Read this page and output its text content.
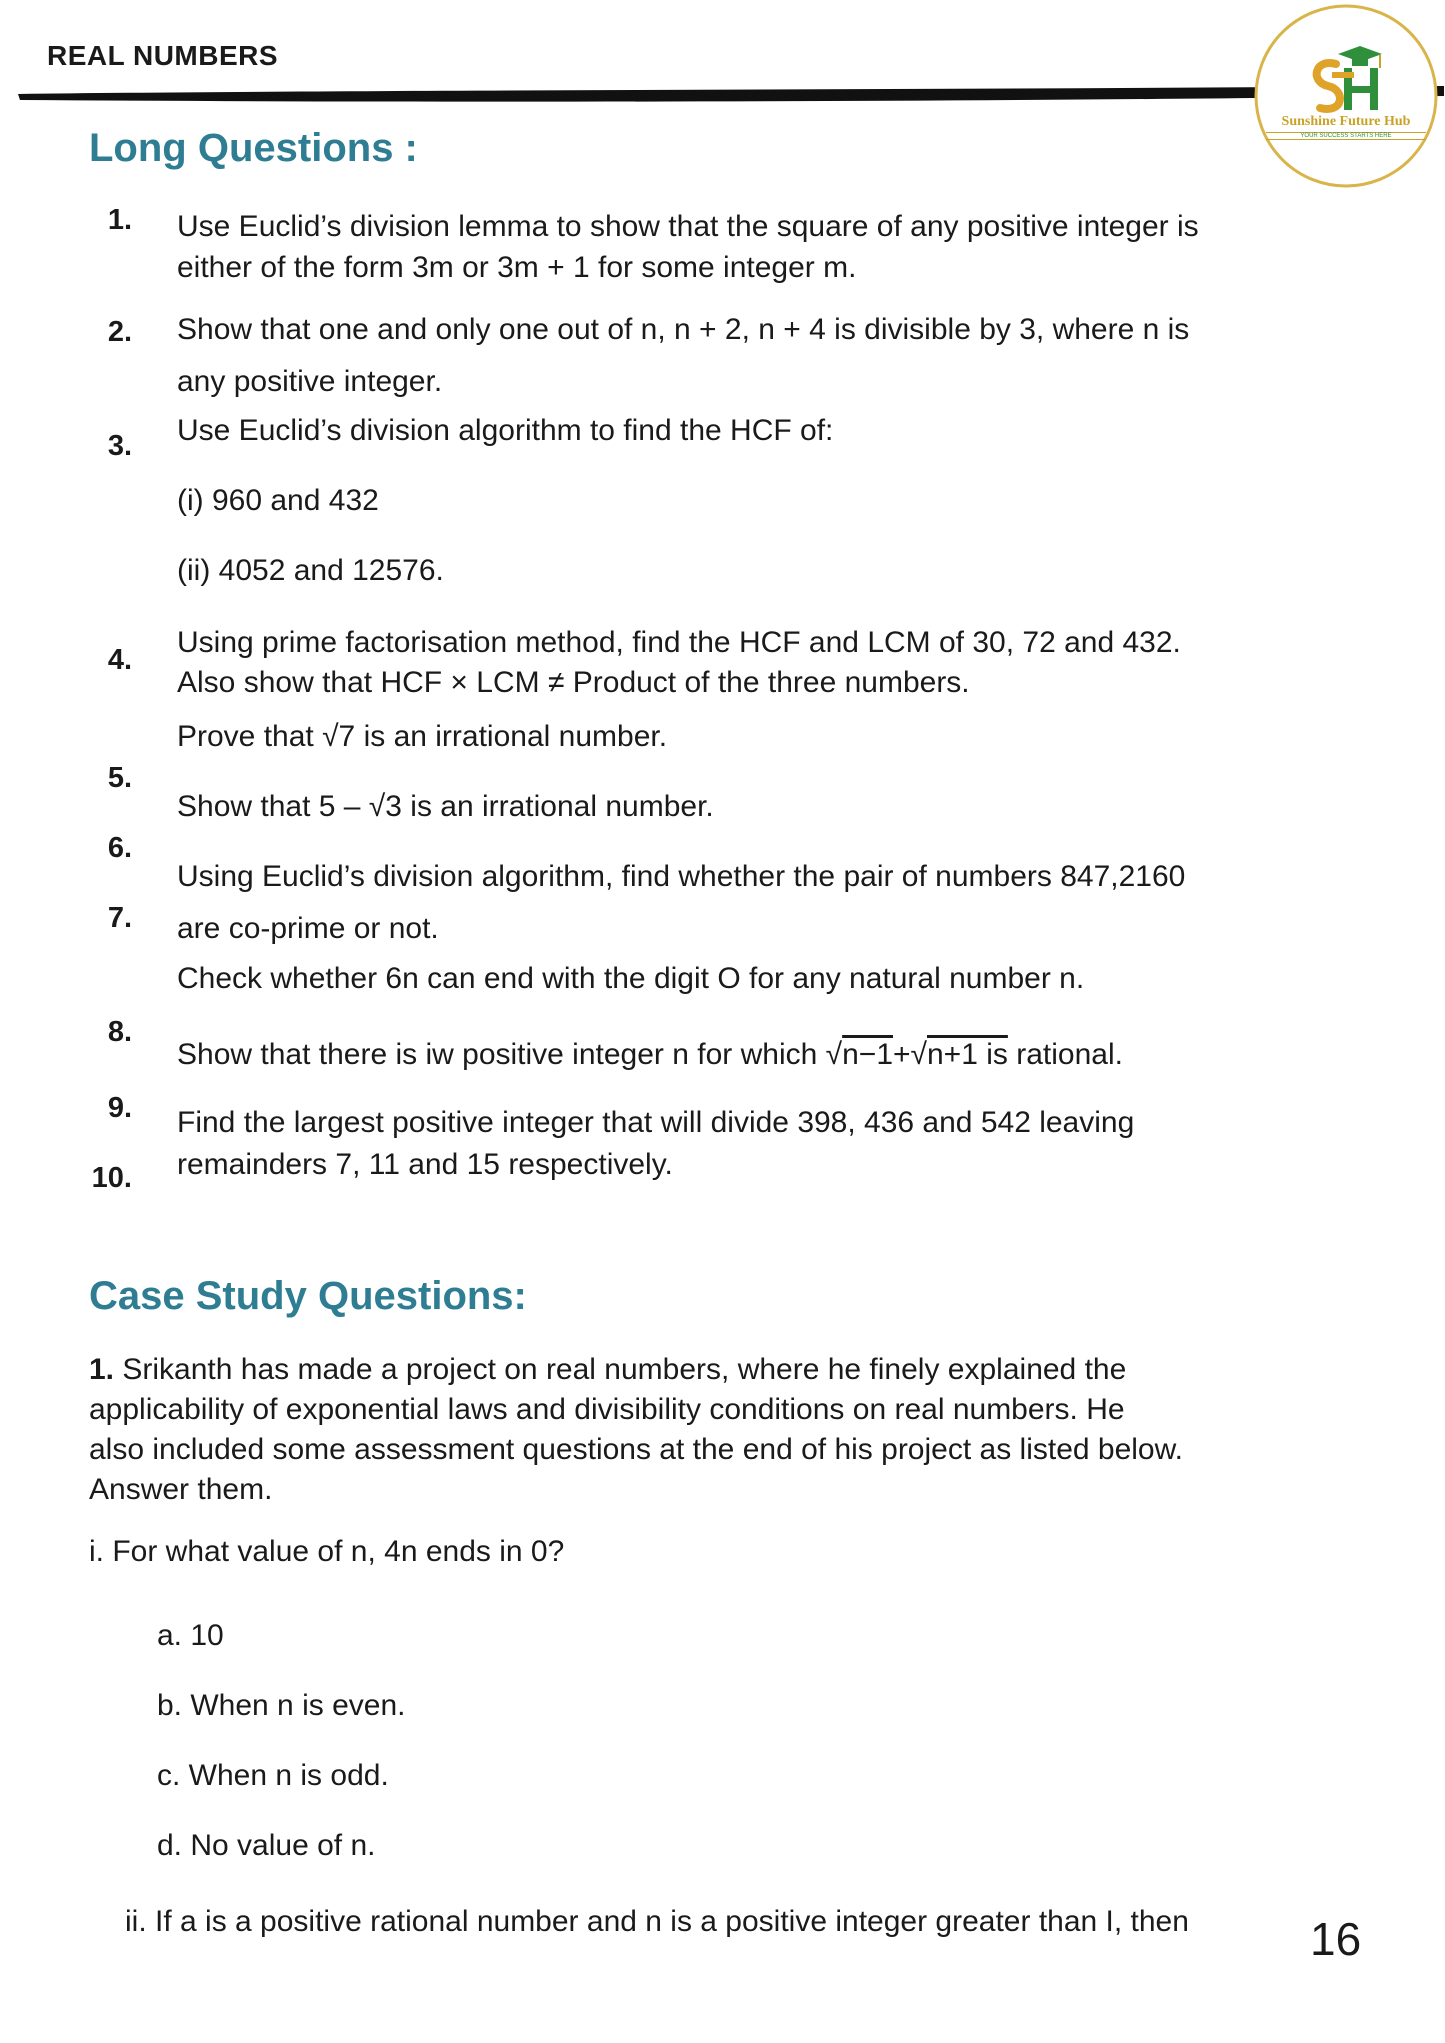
REAL NUMBERS
Sunshine Future Hub
YOUR SUCCESS STARTS HERE
Long Questions :
1.
2.
3.
4.
5.
6.
7.
8.
9.
10.
Use Euclid’s division lemma to show that the square of any positive integer is
either of the form 3m or 3m + 1 for some integer m.
Show that one and only one out of n, n + 2, n + 4 is divisible by 3, where n is
any positive integer.
Use Euclid’s division algorithm to find the HCF of:
(i) 960 and 432
(ii) 4052 and 12576.
Using prime factorisation method, find the HCF and LCM of 30, 72 and 432.
Also show that HCF × LCM ≠ Product of the three numbers.
Prove that √7 is an irrational number.
Show that 5 – √3 is an irrational number.
Using Euclid’s division algorithm, find whether the pair of numbers 847,2160
are co-prime or not.
Check whether 6n can end with the digit O for any natural number n.
Show that there is iw positive integer n for which √n−1+√n+1 is rational.
Find the largest positive integer that will divide 398, 436 and 542 leaving
remainders 7, 11 and 15 respectively.
Case Study Questions:
1. Srikanth has made a project on real numbers, where he finely explained the
applicability of exponential laws and divisibility conditions on real numbers. He
also included some assessment questions at the end of his project as listed below.
Answer them.
i. For what value of n, 4n ends in 0?
a. 10
b. When n is even.
c. When n is odd.
d. No value of n.
ii. If a is a positive rational number and n is a positive integer greater than I, then	16
